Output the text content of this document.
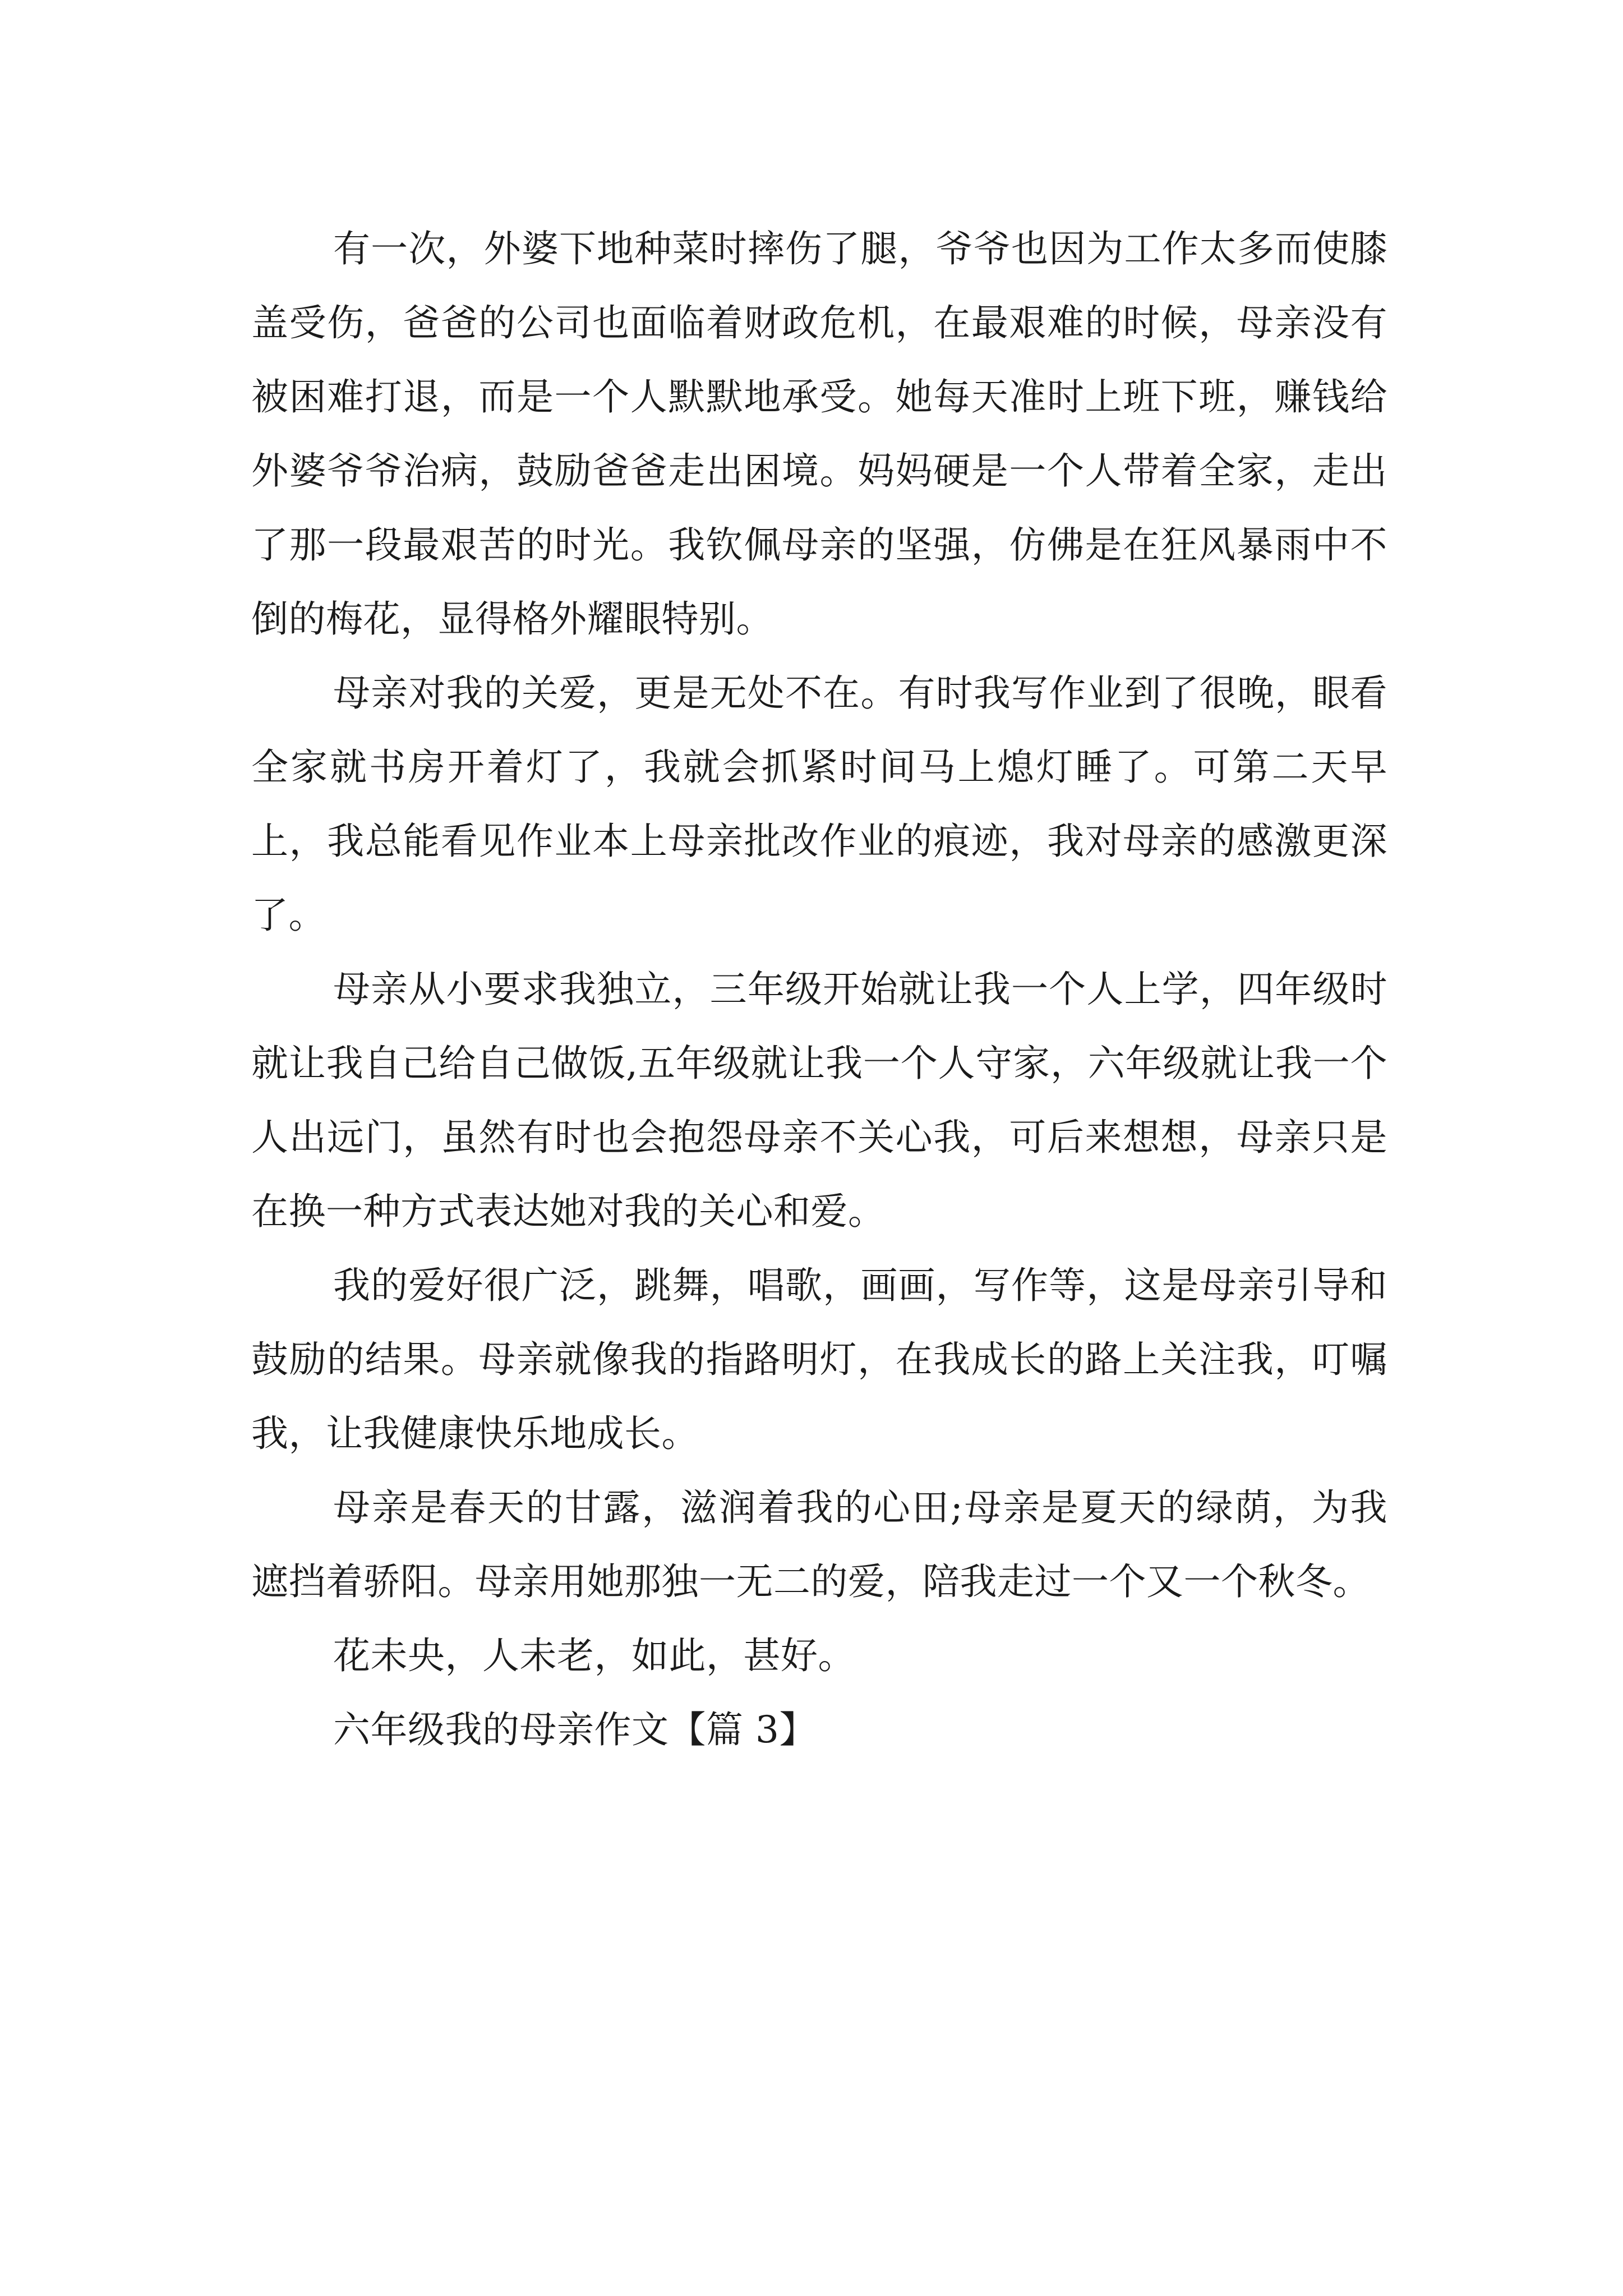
有一次，外婆下地种菜时摔伤了腿，爷爷也因为工作太多而使膝盖受伤，爸爸的公司也面临着财政危机，在最艰难的时候，母亲没有被困难打退，而是一个人默默地承受。她每天准时上班下班，赚钱给外婆爷爷治病，鼓励爸爸走出困境。妈妈硬是一个人带着全家，走出了那一段最艰苦的时光。我钦佩母亲的坚强，仿佛是在狂风暴雨中不倒的梅花，显得格外耀眼特别。

母亲对我的关爱，更是无处不在。有时我写作业到了很晚，眼看全家就书房开着灯了，我就会抓紧时间马上熄灯睡了。可第二天早上，我总能看见作业本上母亲批改作业的痕迹，我对母亲的感激更深了。

母亲从小要求我独立，三年级开始就让我一个人上学，四年级时就让我自己给自己做饭,五年级就让我一个人守家，六年级就让我一个人出远门，虽然有时也会抱怨母亲不关心我，可后来想想，母亲只是在换一种方式表达她对我的关心和爱。

我的爱好很广泛，跳舞，唱歌，画画，写作等，这是母亲引导和鼓励的结果。母亲就像我的指路明灯，在我成长的路上关注我，叮嘱我，让我健康快乐地成长。

母亲是春天的甘露，滋润着我的心田;母亲是夏天的绿荫，为我遮挡着骄阳。母亲用她那独一无二的爱，陪我走过一个又一个秋冬。

花未央，人未老，如此，甚好。

六年级我的母亲作文【篇 3】
